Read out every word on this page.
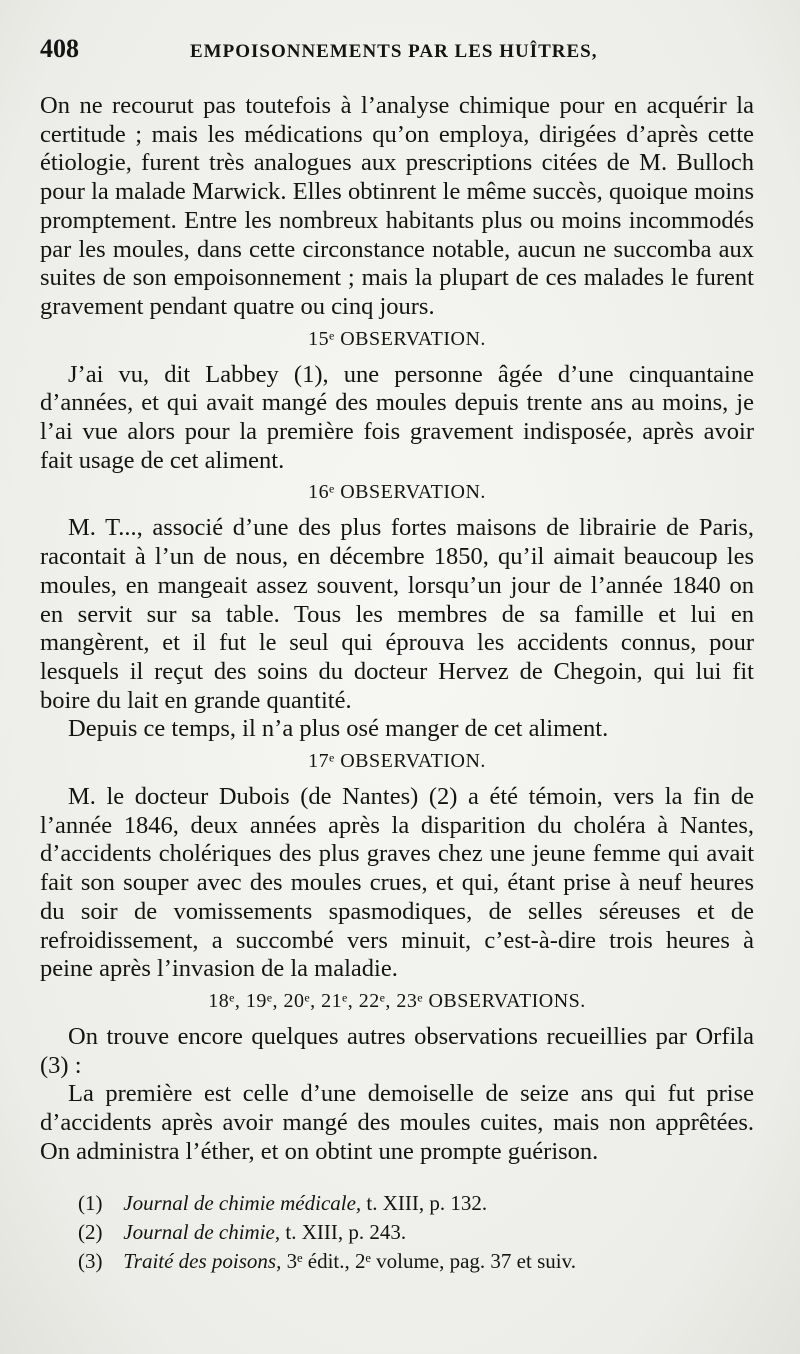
408	EMPOISONNEMENTS PAR LES HUÎTRES,

On ne recourut pas toutefois à l’analyse chimique pour en acquérir la certitude ; mais les médications qu’on employa, dirigées d’après cette étiologie, furent très analogues aux prescriptions citées de M. Bulloch pour la malade Marwick. Elles obtinrent le même succès, quoique moins promptement. Entre les nombreux habitants plus ou moins incommodés par les moules, dans cette circonstance notable, aucun ne succomba aux suites de son empoisonnement ; mais la plupart de ces malades le furent gravement pendant quatre ou cinq jours.

15ᵉ OBSERVATION.

J’ai vu, dit Labbey (1), une personne âgée d’une cinquantaine d’années, et qui avait mangé des moules depuis trente ans au moins, je l’ai vue alors pour la première fois gravement indisposée, après avoir fait usage de cet aliment.

16ᵉ OBSERVATION.

M. T..., associé d’une des plus fortes maisons de librairie de Paris, racontait à l’un de nous, en décembre 1850, qu’il aimait beaucoup les moules, en mangeait assez souvent, lorsqu’un jour de l’année 1840 on en servit sur sa table. Tous les membres de sa famille et lui en mangèrent, et il fut le seul qui éprouva les accidents connus, pour lesquels il reçut des soins du docteur Hervez de Chegoin, qui lui fit boire du lait en grande quantité.

Depuis ce temps, il n’a plus osé manger de cet aliment.

17ᵉ OBSERVATION.

M. le docteur Dubois (de Nantes) (2) a été témoin, vers la fin de l’année 1846, deux années après la disparition du choléra à Nantes, d’accidents cholériques des plus graves chez une jeune femme qui avait fait son souper avec des moules crues, et qui, étant prise à neuf heures du soir de vomissements spasmodiques, de selles séreuses et de refroidissement, a succombé vers minuit, c’est-à-dire trois heures à peine après l’invasion de la maladie.

18ᵉ, 19ᵉ, 20ᵉ, 21ᵉ, 22ᵉ, 23ᵉ OBSERVATIONS.

On trouve encore quelques autres observations recueillies par Orfila (3) :

La première est celle d’une demoiselle de seize ans qui fut prise d’accidents après avoir mangé des moules cuites, mais non apprêtées. On administra l’éther, et on obtint une prompte guérison.

(1) Journal de chimie médicale, t. XIII, p. 132.
(2) Journal de chimie, t. XIII, p. 243.
(3) Traité des poisons, 3ᵉ édit., 2ᵉ volume, pag. 37 et suiv.
